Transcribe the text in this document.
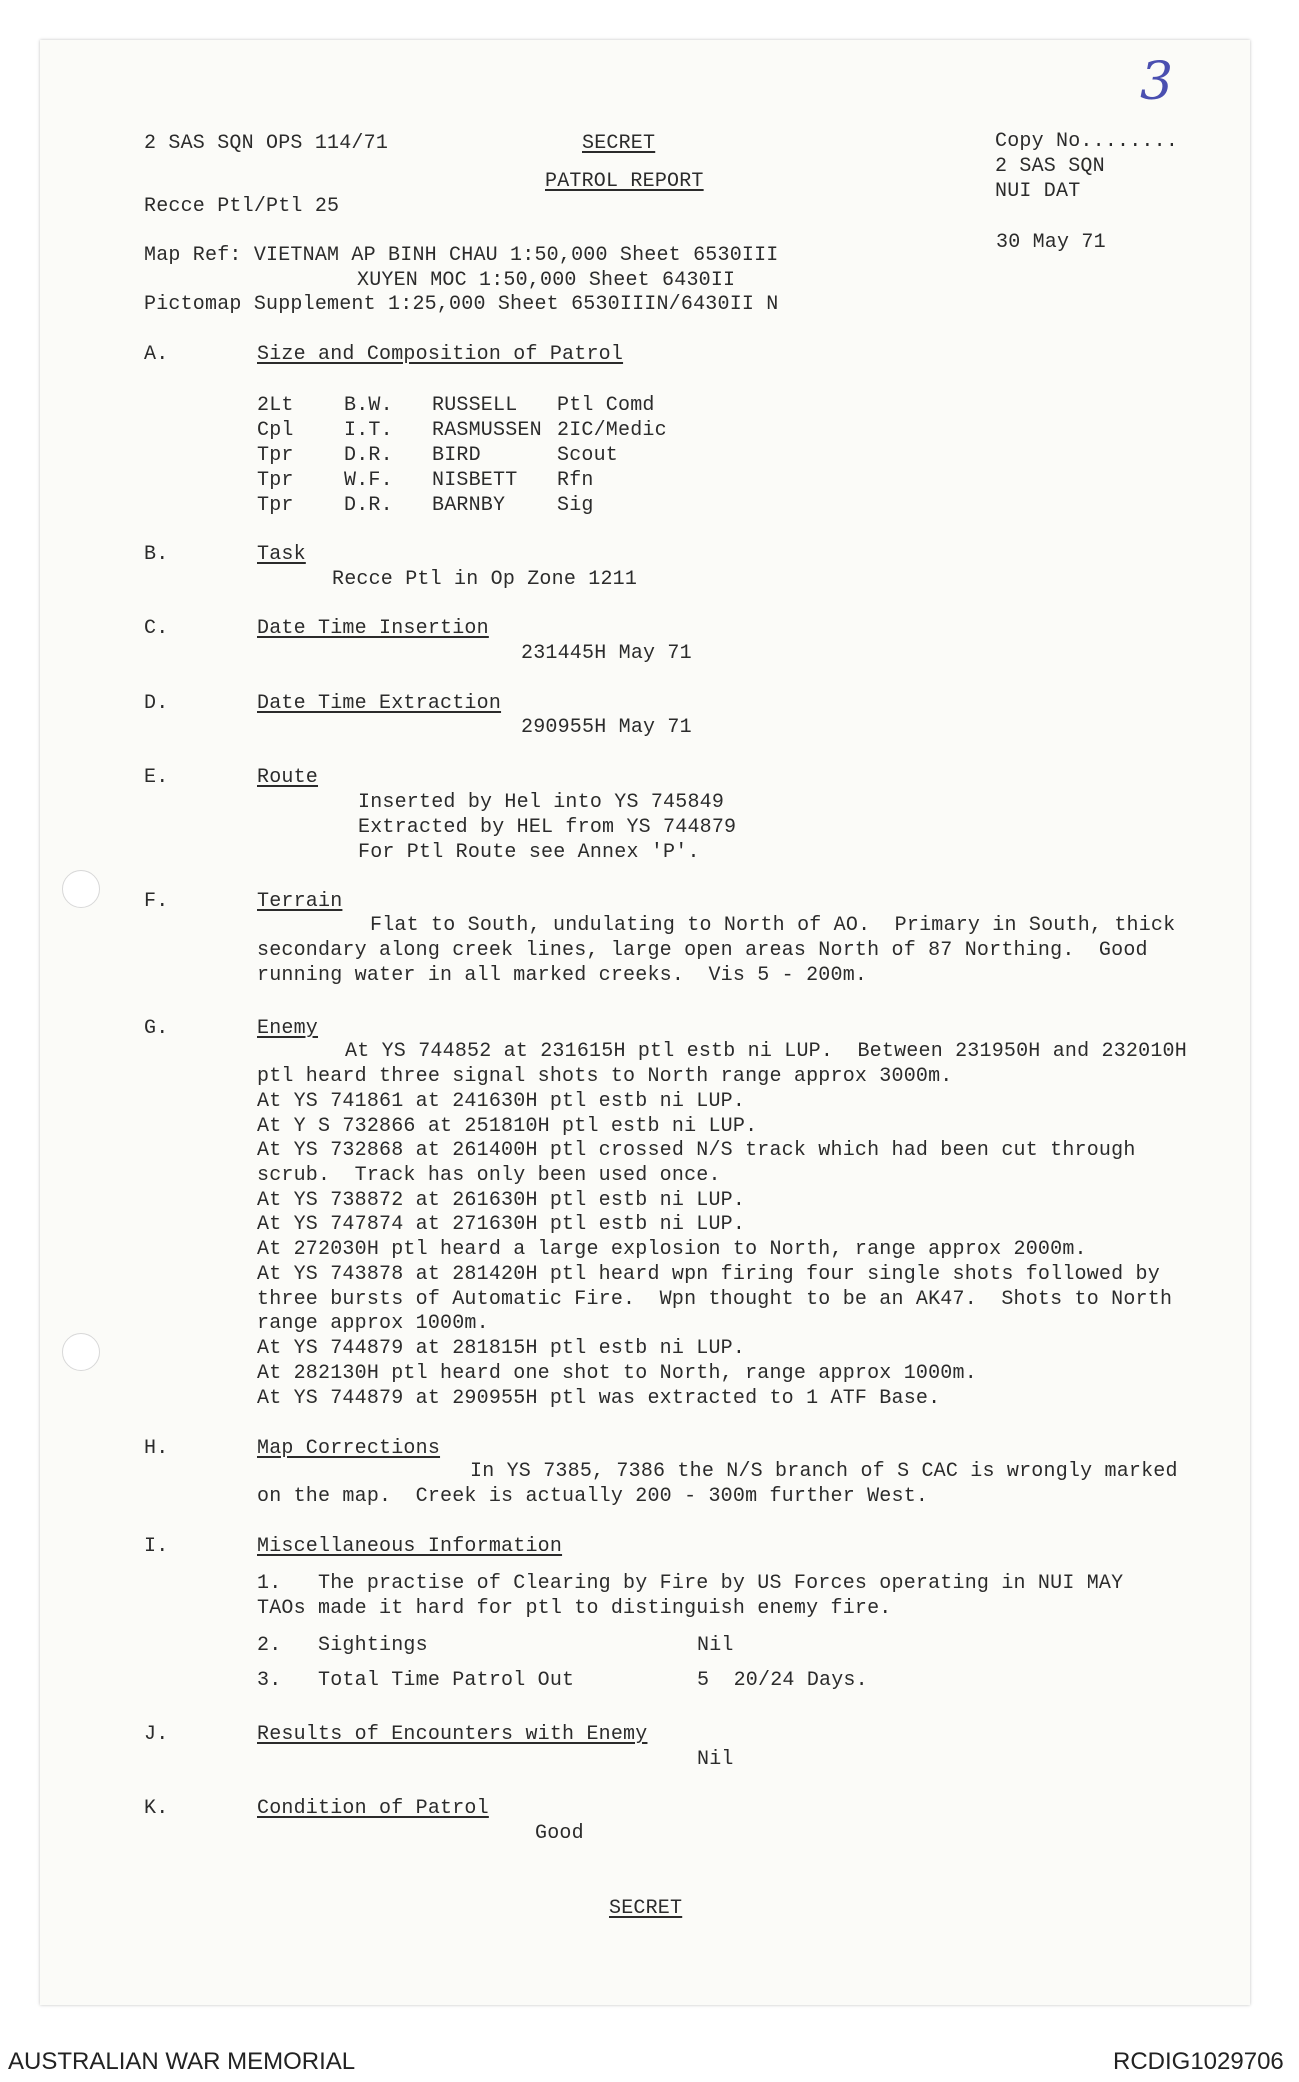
2 SAS SQN OPS 114/71	SECRET
PATROL REPORT
Copy No........
3
2 SAS SQN
NUI DAT
Recce Ptl/Ptl 25
30 May 71
Map Ref: VIETNAM AP BINH CHAU 1:50,000 Sheet 6530III
XUYEN MOC 1:50,000 Sheet 6430II
Pictomap Supplement 1:25,000 Sheet 6530IIIN/6430II N
A.	Size and Composition of Patrol
2Lt	B.W. RUSSELL Ptl Comd
Cpl	I.T. RASMUSSEN 2IC/Medic
Tpr	D.R. BIRD	Scout
Tpr	W.F. NISBETT Rfn
Tpr	D.R. BARNBY	Sig
B.	Task
Recce Ptl in Op Zone 1211
C.	Date Time Insertion
231445H May 71
D.	Date Time Extraction
290955H May 71
E.	Route
Inserted by Hel into YS 745849
Extracted by HEL from YS 744879
For Ptl Route see Annex 'P'.
F.	Terrain
Flat to South, undulating to North of AO.  Primary in South, thick
secondary along creek lines, large open areas North of 87 Northing.  Good
running water in all marked creeks.  Vis 5 - 200m.
G.	Enemy
At YS 744852 at 231615H ptl estb ni LUP.  Between 231950H and 232010H
ptl heard three signal shots to North range approx 3000m.
At YS 741861 at 241630H ptl estb ni LUP.
At Y S 732866 at 251810H ptl estb ni LUP.
At YS 732868 at 261400H ptl crossed N/S track which had been cut through
scrub.  Track has only been used once.
At YS 738872 at 261630H ptl estb ni LUP.
At YS 747874 at 271630H ptl estb ni LUP.
At 272030H ptl heard a large explosion to North, range approx 2000m.
At YS 743878 at 281420H ptl heard wpn firing four single shots followed by
three bursts of Automatic Fire.  Wpn thought to be an AK47.  Shots to North
range approx 1000m.
At YS 744879 at 281815H ptl estb ni LUP.
At 282130H ptl heard one shot to North, range approx 1000m.
At YS 744879 at 290955H ptl was extracted to 1 ATF Base.
H.	Map Corrections
In YS 7385, 7386 the N/S branch of S CAC is wrongly marked
on the map.  Creek is actually 200 - 300m further West.
I.	Miscellaneous Information
1.   The practise of Clearing by Fire by US Forces operating in NUI MAY
TAOs made it hard for ptl to distinguish enemy fire.
2.   Sightings	Nil
3.   Total Time Patrol Out	5  20/24 Days.
J.	Results of Encounters with Enemy
Nil
K.	Condition of Patrol
Good
SECRET
AUSTRALIAN WAR MEMORIAL	RCDIG1029706
